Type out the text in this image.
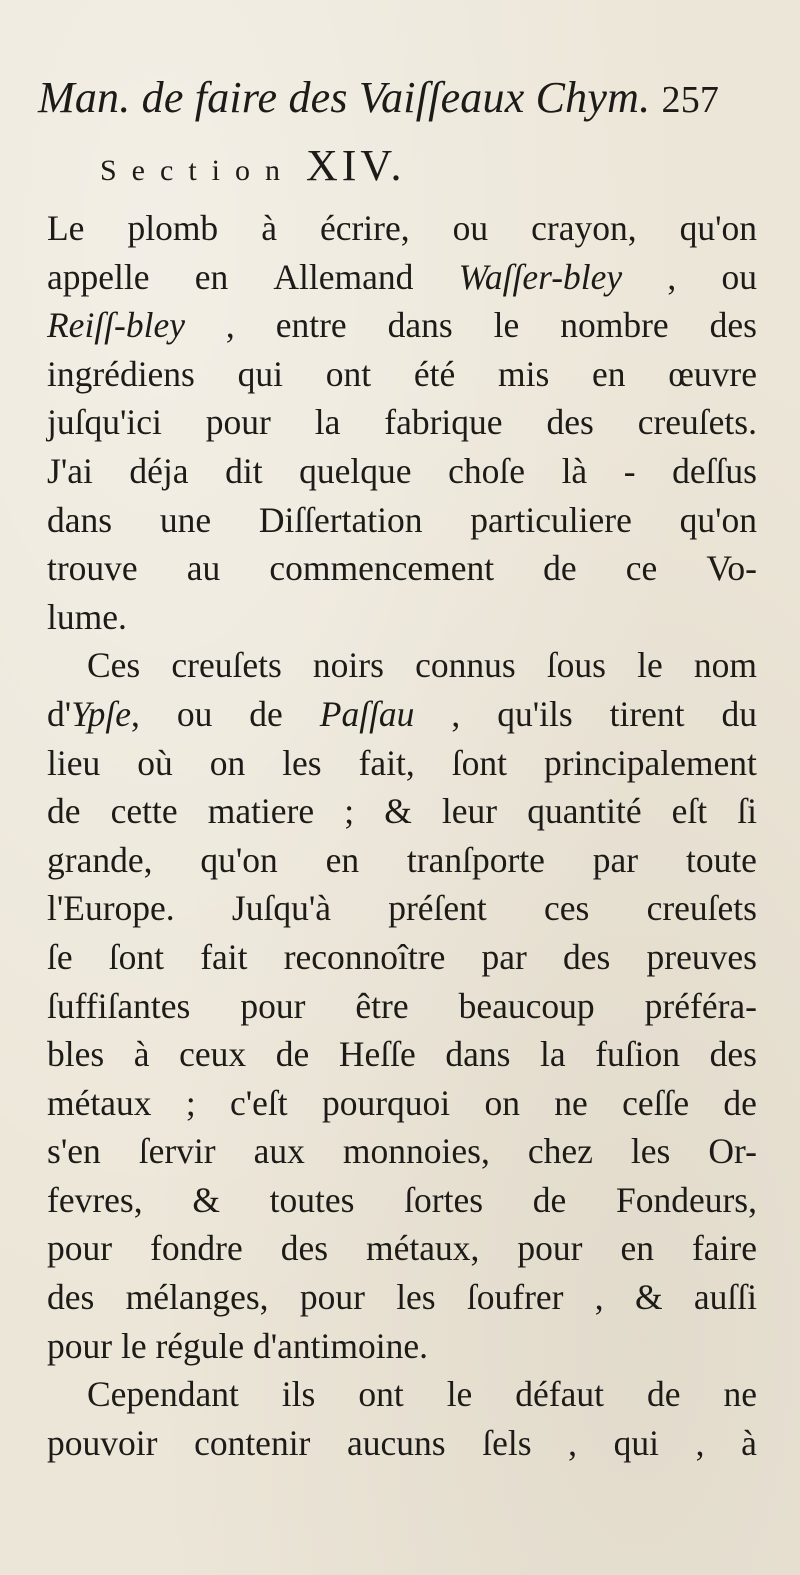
Man. de faire des Vaiſſeaux Chym. 257
Section XIV.
Le plomb à écrire, ou crayon, qu'on
appelle en Allemand Waſſer-bley , ou
Reiſſ-bley , entre dans le nombre des
ingrédiens qui ont été mis en œuvre
juſqu'ici pour la fabrique des creuſets.
J'ai déja dit quelque choſe là - deſſus
dans une Diſſertation particuliere qu'on
trouve au commencement de ce Vo-
lume.
Ces creuſets noirs connus ſous le nom
d'Ypſe, ou de Paſſau , qu'ils tirent du
lieu où on les fait, ſont principalement
de cette matiere ; & leur quantité eſt ſi
grande, qu'on en tranſporte par toute
l'Europe. Juſqu'à préſent ces creuſets
ſe ſont fait reconnoître par des preuves
ſuffiſantes pour être beaucoup préféra-
bles à ceux de Heſſe dans la fuſion des
métaux ; c'eſt pourquoi on ne ceſſe de
s'en ſervir aux monnoies, chez les Or-
fevres, & toutes ſortes de Fondeurs,
pour fondre des métaux, pour en faire
des mélanges, pour les ſoufrer , & auſſi
pour le régule d'antimoine.
Cependant ils ont le défaut de ne
pouvoir contenir aucuns ſels , qui , à
